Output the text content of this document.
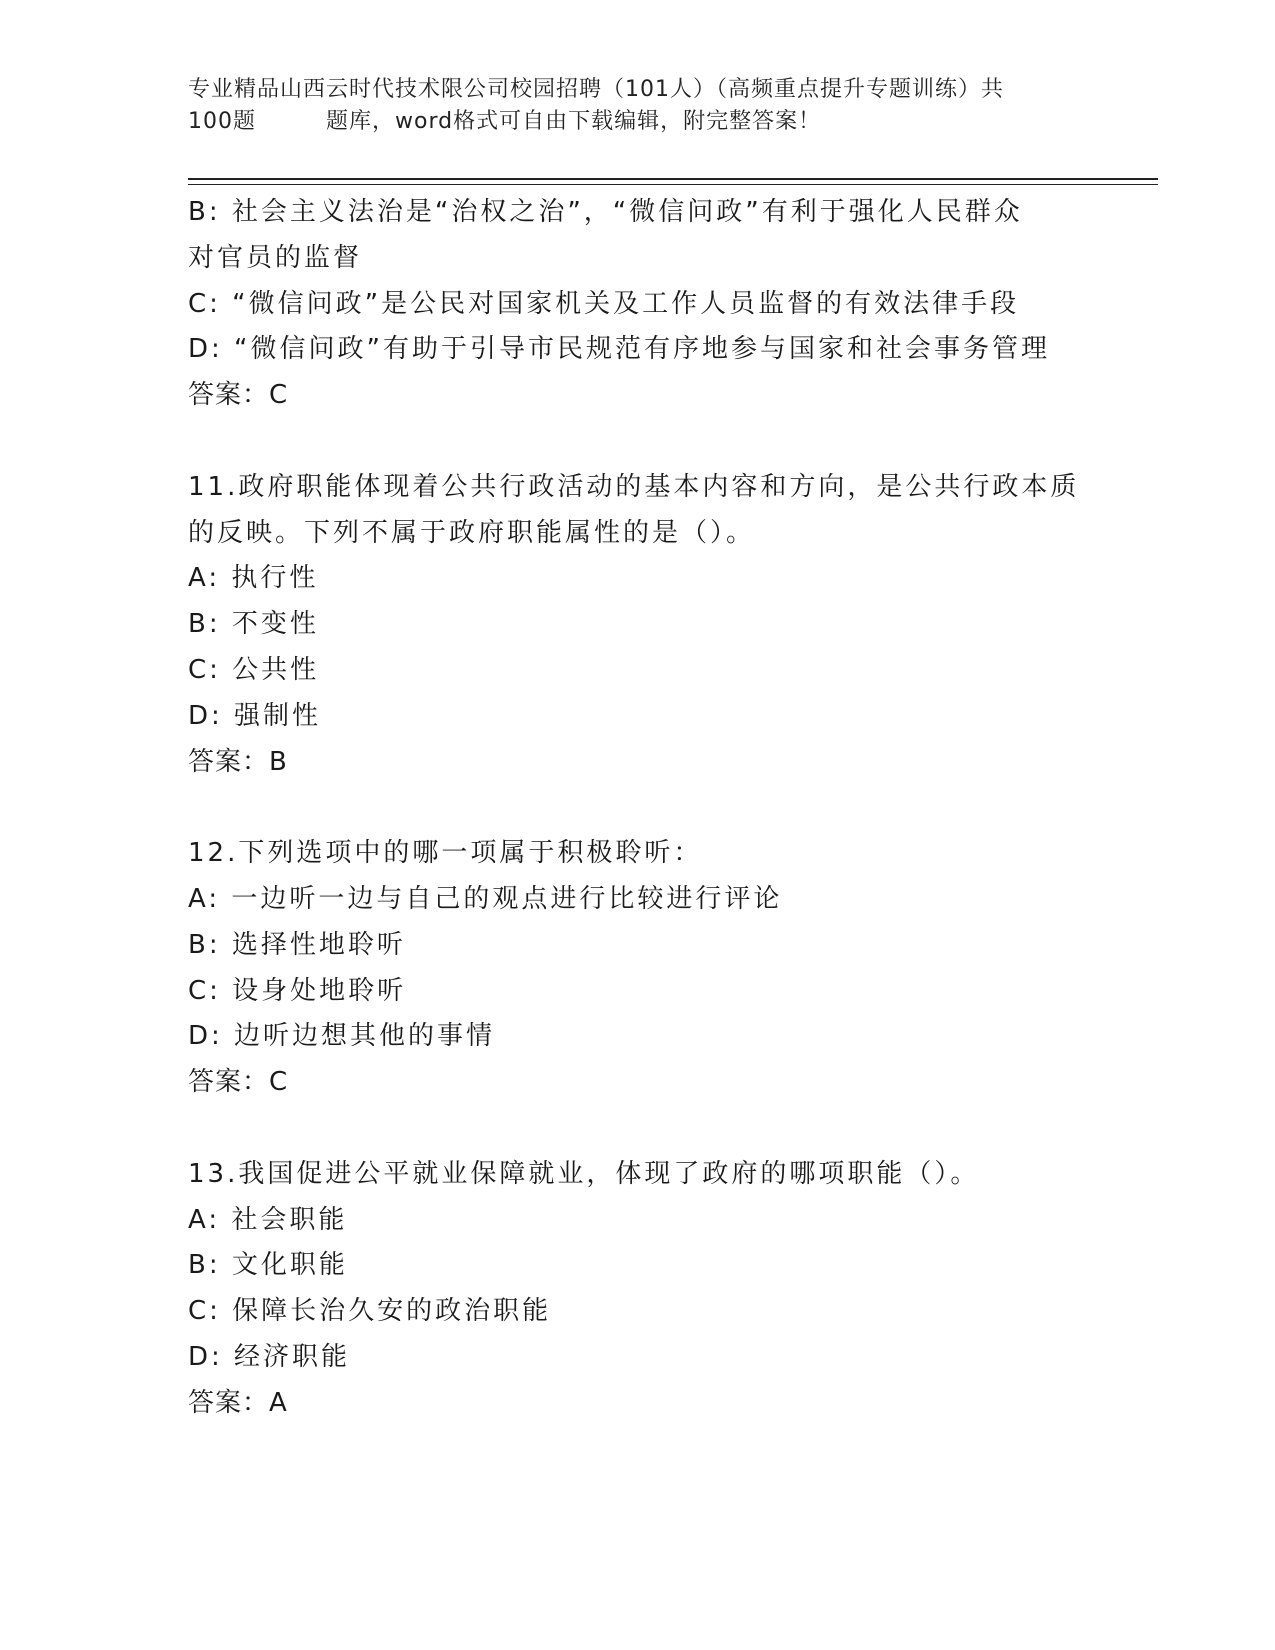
专业精品山西云时代技术限公司校园招聘（101人）（高频重点提升专题训练）共
100题	题库，word格式可自由下载编辑，附完整答案！

B: 社会主义法治是“治权之治”，“微信问政”有利于强化人民群众

对官员的监督

C: “微信问政”是公民对国家机关及工作人员监督的有效法律手段

D: “微信问政”有助于引导市民规范有序地参与国家和社会事务管理

答案：C

11.政府职能体现着公共行政活动的基本内容和方向，是公共行政本质

的反映。下列不属于政府职能属性的是（）。

A: 执行性

B: 不变性

C: 公共性

D: 强制性

答案：B

12.下列选项中的哪一项属于积极聆听：

A: 一边听一边与自己的观点进行比较进行评论

B: 选择性地聆听

C: 设身处地聆听

D: 边听边想其他的事情

答案：C

13.我国促进公平就业保障就业，体现了政府的哪项职能（）。

A: 社会职能

B: 文化职能

C: 保障长治久安的政治职能

D: 经济职能

答案：A
